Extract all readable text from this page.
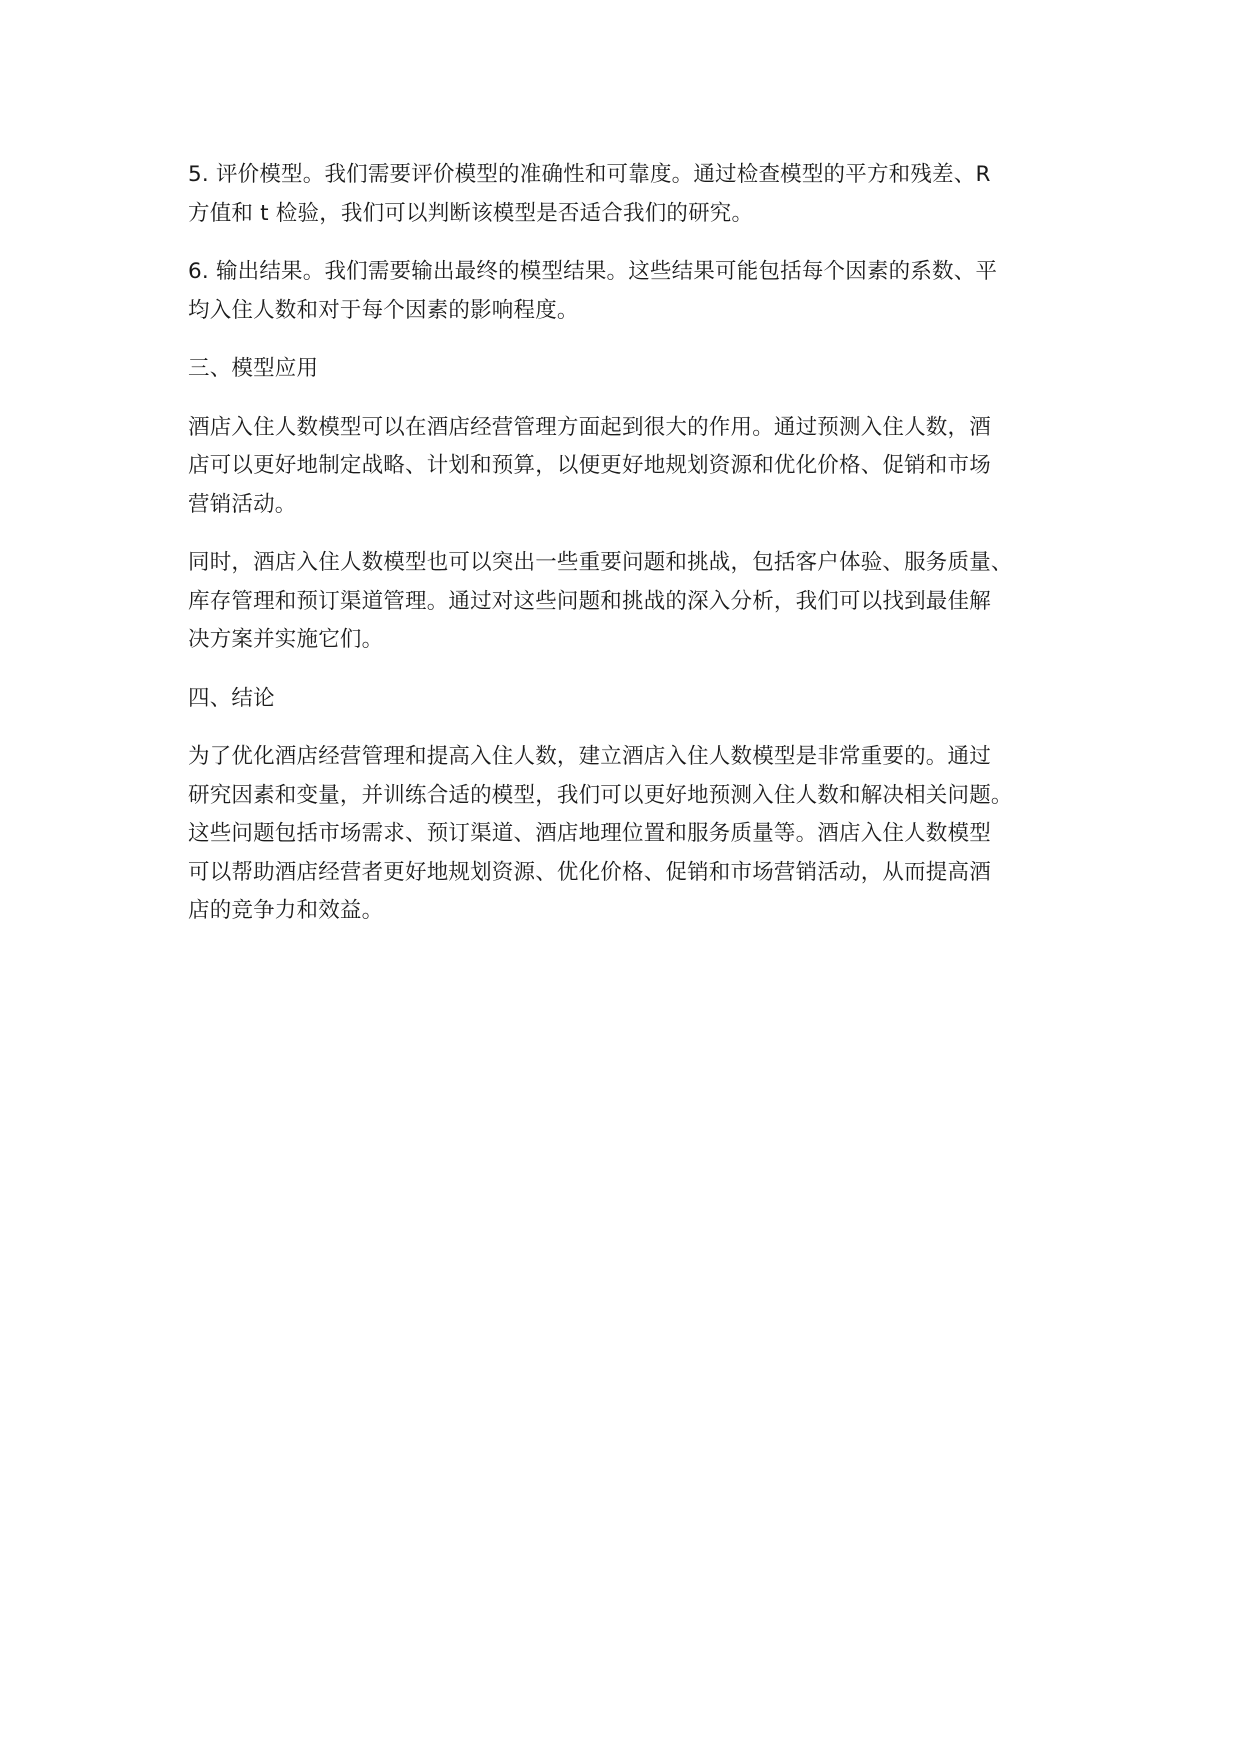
5. 评价模型。我们需要评价模型的准确性和可靠度。通过检查模型的平方和残差、R
方值和 t 检验，我们可以判断该模型是否适合我们的研究。

6. 输出结果。我们需要输出最终的模型结果。这些结果可能包括每个因素的系数、平
均入住人数和对于每个因素的影响程度。

三、模型应用

酒店入住人数模型可以在酒店经营管理方面起到很大的作用。通过预测入住人数，酒
店可以更好地制定战略、计划和预算，以便更好地规划资源和优化价格、促销和市场
营销活动。

同时，酒店入住人数模型也可以突出一些重要问题和挑战，包括客户体验、服务质量、
库存管理和预订渠道管理。通过对这些问题和挑战的深入分析，我们可以找到最佳解
决方案并实施它们。

四、结论

为了优化酒店经营管理和提高入住人数，建立酒店入住人数模型是非常重要的。通过
研究因素和变量，并训练合适的模型，我们可以更好地预测入住人数和解决相关问题。
这些问题包括市场需求、预订渠道、酒店地理位置和服务质量等。酒店入住人数模型
可以帮助酒店经营者更好地规划资源、优化价格、促销和市场营销活动，从而提高酒
店的竞争力和效益。
